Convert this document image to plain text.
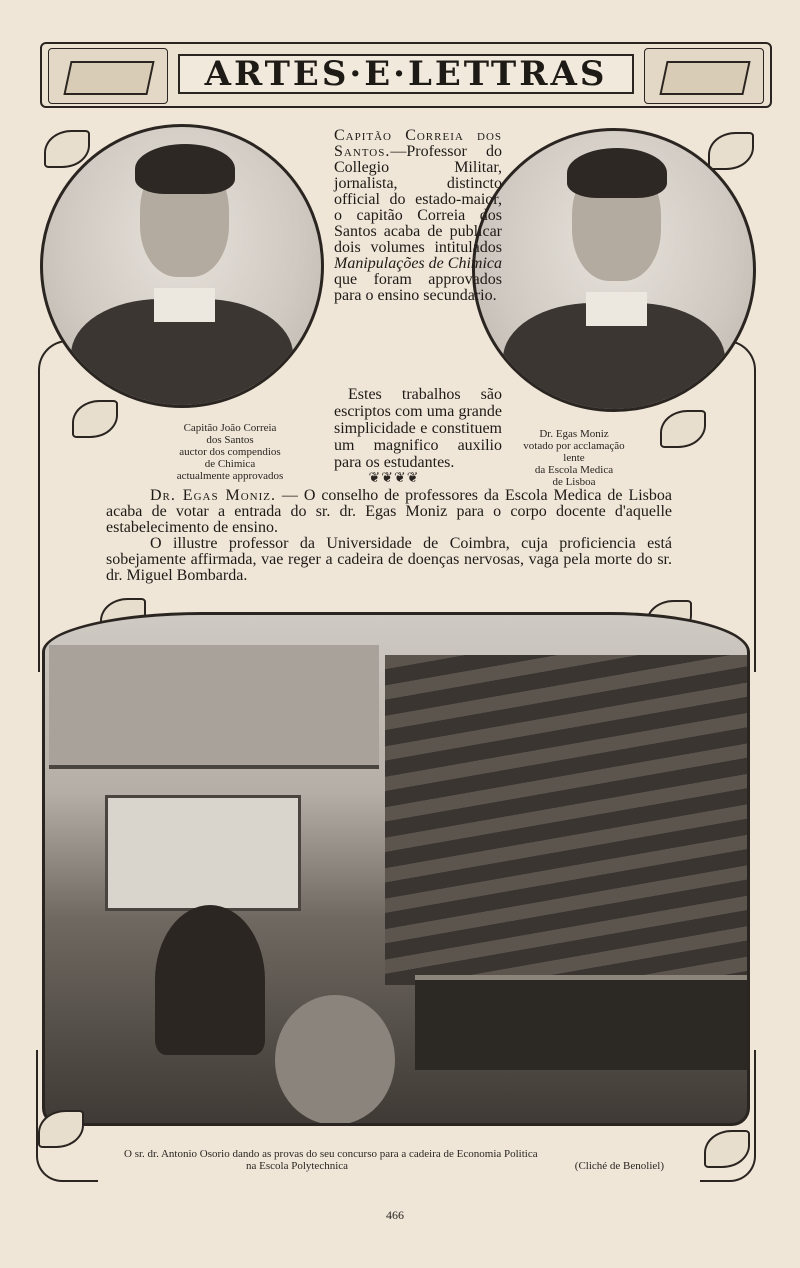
ARTES·E·LETTRAS

Capitão Correia dos Santos.—Professor do Collegio Militar, jornalista, distincto official do estado-maior, o capitão Correia dos Santos acaba de publicar dois volumes intitulados Manipulações de Chimica que foram approvados para o ensino secundario.

Estes trabalhos são escriptos com uma grande simplicidade e constituem um magnifico auxilio para os estudantes.

Capitão João Correia
dos Santos
auctor dos compendios
de Chimica
actualmente approvados
Dr. Egas Moniz
votado por acclamação
lente
da Escola Medica
de Lisboa
❦❦❦❦

Dr. Egas Moniz. — O conselho de professores da Escola Medica de Lisboa acaba de votar a entrada do sr. dr. Egas Moniz para o corpo docente d'aquelle estabelecimento de ensino.

O illustre professor da Universidade de Coimbra, cuja proficiencia está sobejamente affirmada, vae reger a cadeira de doenças nervosas, vaga pela morte do sr. dr. Miguel Bombarda.

O sr. dr. Antonio Osorio dando as provas do seu concurso para a cadeira de Economia Politica
na Escola Polytechnica	(Cliché de Benoliel)
466
